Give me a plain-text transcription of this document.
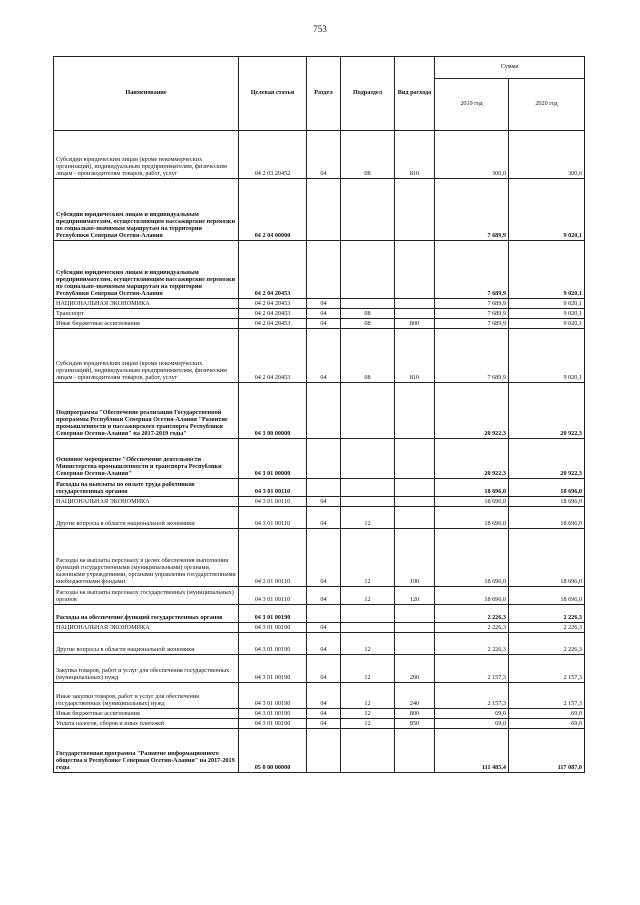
753
Наименование	Целевая статья	Раздел	Подраздел	Вид расхода	Сумма	
					2019 год	2020 год
Субсидии юридическим лицам (кроме некоммерческих организаций), индивидуальным предпринимателям, физическим лицам - производителям товаров, работ, услуг	04 2 03 20452	04	08	810	300,0	300,0
Субсидии юридическим лицам и индивидуальным предпринимателям, осуществляющим пассажирские перевозки по социально-значимым маршрутам на территории Республики Северная Осетия-Алания	04 2 04 00000				7 689,9	9 020,1
Субсидии юридическим лицам и индивидуальным предпринимателям, осуществляющим пассажирские перевозки по социально-значимым маршрутам на территории Республики Северная Осетия-Алания	04 2 04 20453				7 689,9	9 020,1
НАЦИОНАЛЬНАЯ ЭКОНОМИКА	04 2 04 20453	04			7 689,9	9 020,1
Транспорт	04 2 04 20453	04	08		7 689,9	9 020,1
Иные бюджетные ассигнования	04 2 04 20453	04	08	800	7 689,9	9 020,1
Субсидии юридическим лицам (кроме некоммерческих организаций), индивидуальным предпринимателям, физическим лицам - производителям товаров, работ, услуг	04 2 04 20453	04	08	810	7 689,9	9 020,1
Подпрограмма "Обеспечение реализации Государственной программы Республики Северная Осетия-Алания "Развитие промышленности и пассажирского транспорта Республики Северная Осетия-Алания" на 2017-2019 годы"	04 3 00 00000				20 922,3	20 922,3
Основное мероприятие "Обеспечение деятельности Министерства промышленности и транспорта Республики Северная Осетия-Алания"	04 3 01 00000				20 922,3	20 922,3
Расходы на выплаты по оплате труда работников государственных органов	04 3 01 00110				18 696,0	18 696,0
НАЦИОНАЛЬНАЯ ЭКОНОМИКА	04 3 01 00110	04			18 696,0	18 696,0
Другие вопросы в области национальной экономики	04 3 01 00110	04	12		18 696,0	18 696,0
Расходы на выплаты персоналу в целях обеспечения выполнения функций государственными (муниципальными) органами, казенными учреждениями, органами управления государственными внебюджетными фондами	04 3 01 00110	04	12	100	18 696,0	18 696,0
Расходы на выплаты персоналу государственных (муниципальных) органов	04 3 01 00110	04	12	120	18 696,0	18 696,0
Расходы на обеспечение функций государственных органов	04 3 01 00190				2 226,3	2 226,3
НАЦИОНАЛЬНАЯ ЭКОНОМИКА	04 3 01 00190	04			2 226,3	2 226,3
Другие вопросы в области национальной экономики	04 3 01 00190	04	12		2 226,3	2 226,3
Закупка товаров, работ и услуг для обеспечения государственных (муниципальных) нужд	04 3 01 00190	04	12	200	2 157,3	2 157,3
Иные закупки товаров, работ и услуг для обеспечения государственных (муниципальных) нужд	04 3 01 00190	04	12	240	2 157,3	2 157,3
Иные бюджетные ассигнования	04 3 01 00190	04	12	800	69,0	69,0
Уплата налогов, сборов и иных платежей	04 3 01 00190	04	12	850	69,0	69,0
Государственная программа "Развитие информационного общества в Республике Северная Осетия-Алания" на 2017-2019 годы	05 0 00 00000				111 485,4	117 087,0
